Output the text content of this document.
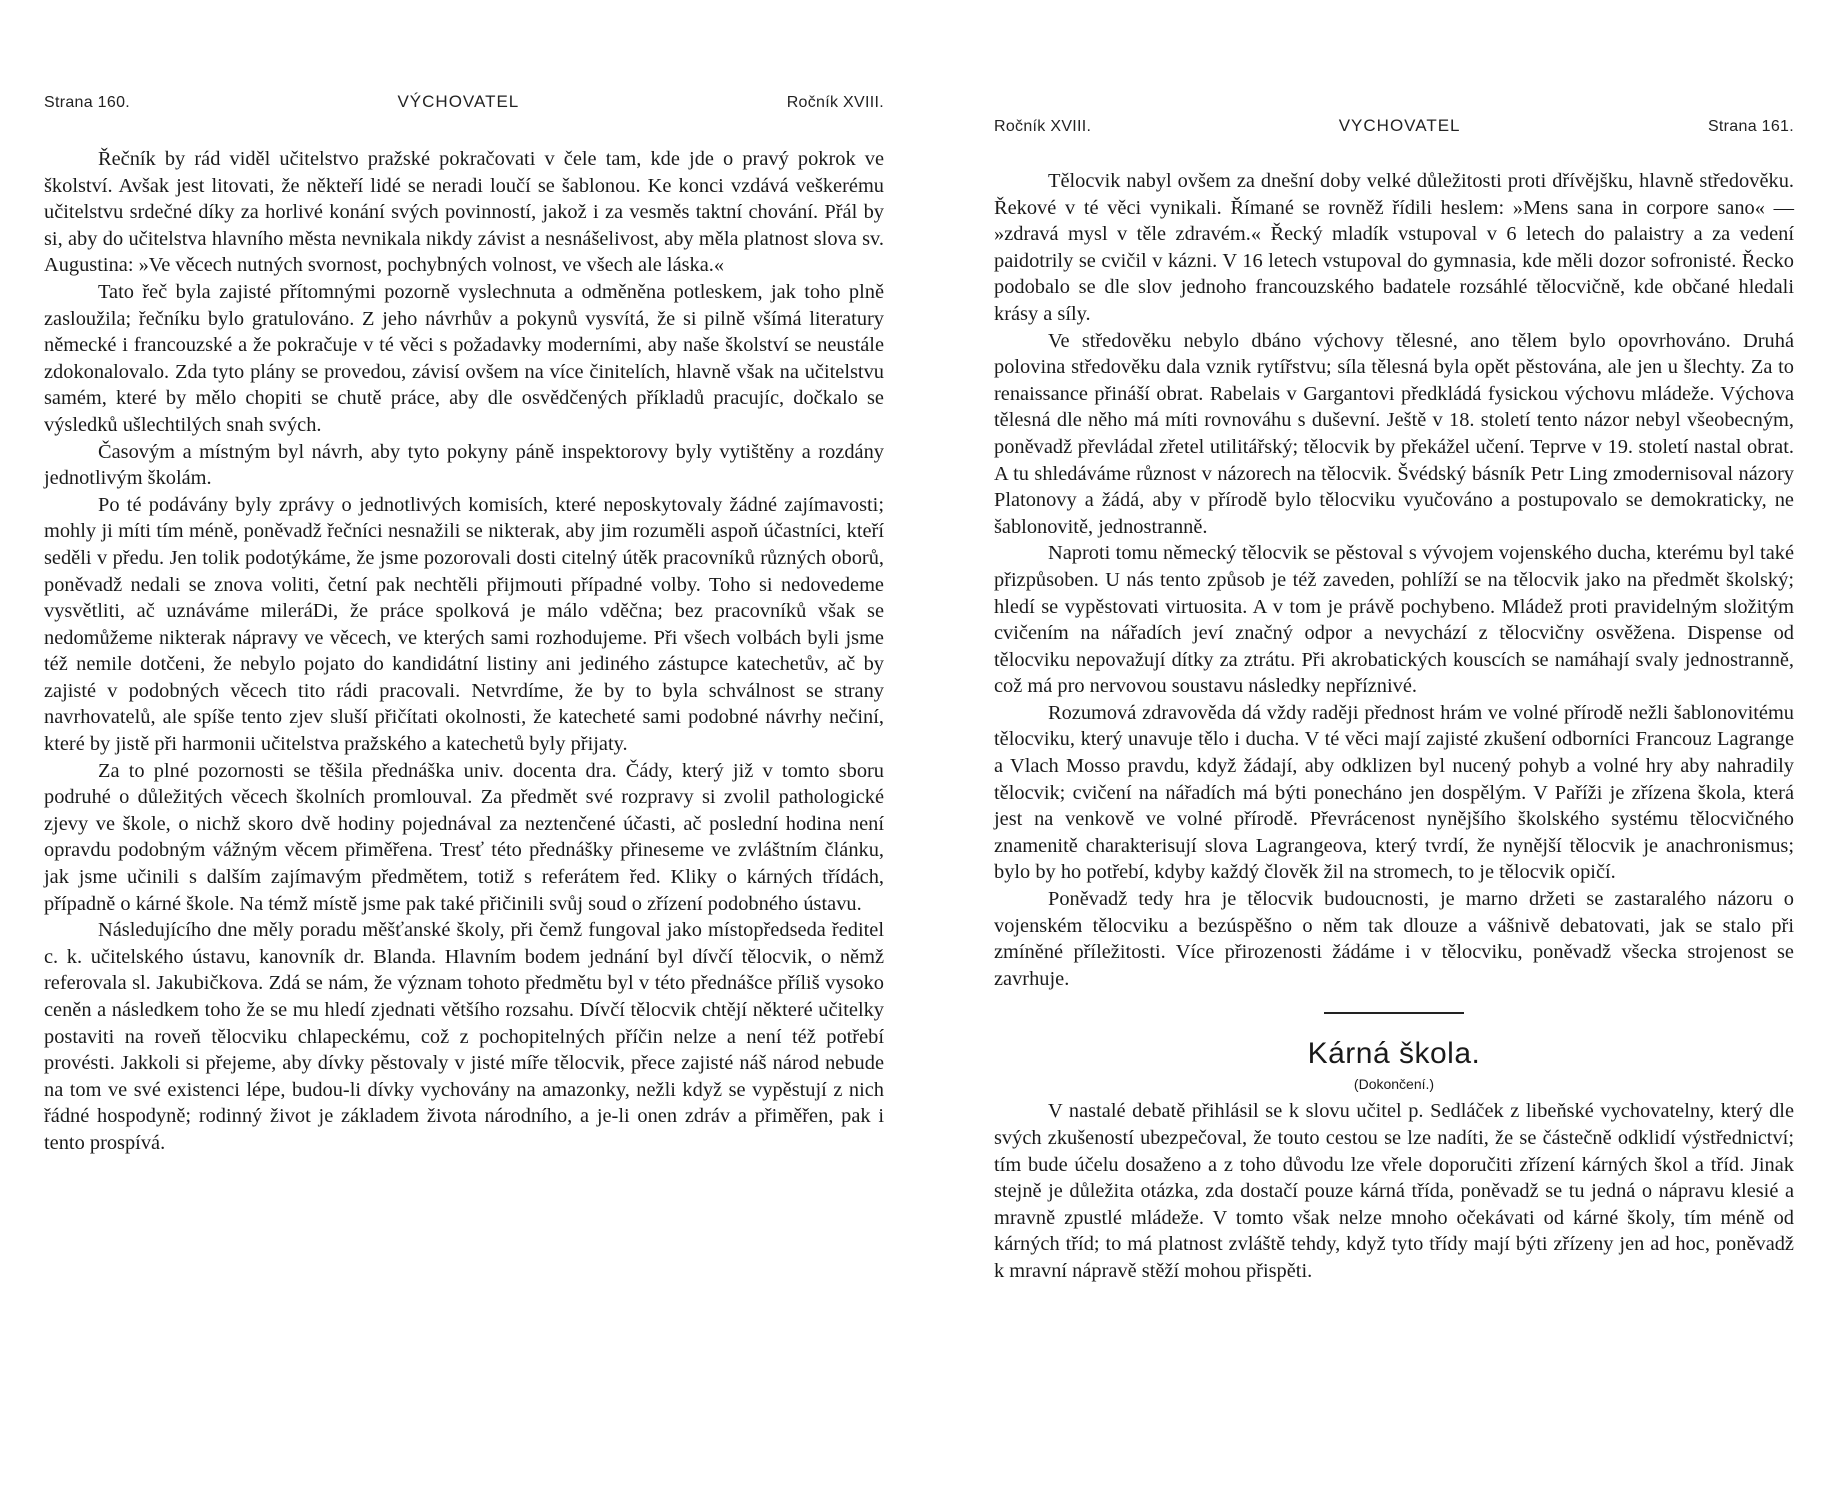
Strana 160.	VÝCHOVATEL	Ročník XVIII.

Řečník by rád viděl učitelstvo pražské pokračovati v čele tam, kde jde o pravý pokrok ve školství. Avšak jest litovati, že někteří lidé se neradi loučí se šablonou. Ke konci vzdává veškerému učitelstvu srdečné díky za horlivé konání svých povinností, jakož i za vesměs taktní chování. Přál by si, aby do učitelstva hlavního města nevnikala nikdy závist a nesnášelivost, aby měla platnost slova sv. Augustina: »Ve věcech nutných svornost, pochybných volnost, ve všech ale láska.«

Tato řeč byla zajisté přítomnými pozorně vyslechnuta a odměněna potleskem, jak toho plně zasloužila; řečníku bylo gratulováno. Z jeho návrhův a pokynů vysvítá, že si pilně všímá literatury německé i francouzské a že pokračuje v té věci s požadavky moderními, aby naše školství se neustále zdokonalovalo. Zda tyto plány se provedou, závisí ovšem na více činitelích, hlavně však na učitelstvu samém, které by mělo chopiti se chutě práce, aby dle osvědčených příkladů pracujíc, dočkalo se výsledků ušlechtilých snah svých.

Časovým a místným byl návrh, aby tyto pokyny páně inspektorovy byly vytištěny a rozdány jednotlivým školám.

Po té podávány byly zprávy o jednotlivých komisích, které neposkytovaly žádné zajímavosti; mohly ji míti tím méně, poněvadž řečníci nesnažili se nikterak, aby jim rozuměli aspoň účastníci, kteří seděli v předu. Jen tolik podotýkáme, že jsme pozorovali dosti citelný útěk pracovníků různých oborů, poněvadž nedali se znova voliti, četní pak nechtěli přijmouti případné volby. Toho si nedovedeme vysvětliti, ač uznáváme mileráDi, že práce spolková je málo vděčna; bez pracovníků však se nedomůžeme nikterak nápravy ve věcech, ve kterých sami rozhodujeme. Při všech volbách byli jsme též nemile dotčeni, že nebylo pojato do kandidátní listiny ani jediného zástupce katechetův, ač by zajisté v podobných věcech tito rádi pracovali. Netvrdíme, že by to byla schválnost se strany navrhovatelů, ale spíše tento zjev sluší přičítati okolnosti, že katecheté sami podobné návrhy nečiní, které by jistě při harmonii učitelstva pražského a katechetů byly přijaty.

Za to plné pozornosti se těšila přednáška univ. docenta dra. Čády, který již v tomto sboru podruhé o důležitých věcech školních promlouval. Za předmět své rozpravy si zvolil pathologické zjevy ve škole, o nichž skoro dvě hodiny pojednával za neztenčené účasti, ač poslední hodina není opravdu podobným vážným věcem přiměřena. Tresť této přednášky přineseme ve zvláštním článku, jak jsme učinili s dalším zajímavým předmětem, totiž s referátem řed. Kliky o kárných třídách, případně o kárné škole. Na témž místě jsme pak také přičinili svůj soud o zřízení podobného ústavu.

Následujícího dne měly poradu měšťanské školy, při čemž fungoval jako místopředseda ředitel c. k. učitelského ústavu, kanovník dr. Blanda. Hlavním bodem jednání byl dívčí tělocvik, o němž referovala sl. Jakubičkova. Zdá se nám, že význam tohoto předmětu byl v této přednášce příliš vysoko ceněn a následkem toho že se mu hledí zjednati většího rozsahu. Dívčí tělocvik chtějí některé učitelky postaviti na roveň tělocviku chlapeckému, což z pochopitelných příčin nelze a není též potřebí provésti. Jakkoli si přejeme, aby dívky pěstovaly v jisté míře tělocvik, přece zajisté náš národ nebude na tom ve své existenci lépe, budou-li dívky vychovány na amazonky, nežli když se vypěstují z nich řádné hospodyně; rodinný život je základem života národního, a je-li onen zdráv a přiměřen, pak i tento prospívá.

Ročník XVIII.	VYCHOVATEL	Strana 161.

Tělocvik nabyl ovšem za dnešní doby velké důležitosti proti dřívějšku, hlavně středověku. Řekové v té věci vynikali. Římané se rovněž řídili heslem: »Mens sana in corpore sano« — »zdravá mysl v těle zdravém.« Řecký mladík vstupoval v 6 letech do palaistry a za vedení paidotrily se cvičil v kázni. V 16 letech vstupoval do gymnasia, kde měli dozor sofronisté. Řecko podobalo se dle slov jednoho francouzského badatele rozsáhlé tělocvičně, kde občané hledali krásy a síly.

Ve středověku nebylo dbáno výchovy tělesné, ano tělem bylo opovrhováno. Druhá polovina středověku dala vznik rytířstvu; síla tělesná byla opět pěstována, ale jen u šlechty. Za to renaissance přináší obrat. Rabelais v Gargantovi předkládá fysickou výchovu mládeže. Výchova tělesná dle něho má míti rovnováhu s duševní. Ještě v 18. století tento názor nebyl všeobecným, poněvadž převládal zřetel utilitářský; tělocvik by překážel učení. Teprve v 19. století nastal obrat. A tu shledáváme různost v názorech na tělocvik. Švédský básník Petr Ling zmodernisoval názory Platonovy a žádá, aby v přírodě bylo tělocviku vyučováno a postupovalo se demokraticky, ne šablonovitě, jednostranně.

Naproti tomu německý tělocvik se pěstoval s vývojem vojenského ducha, kterému byl také přizpůsoben. U nás tento způsob je též zaveden, pohlíží se na tělocvik jako na předmět školský; hledí se vypěstovati virtuosita. A v tom je právě pochybeno. Mládež proti pravidelným složitým cvičením na nářadích jeví značný odpor a nevychází z tělocvičny osvěžena. Dispense od tělocviku nepovažují dítky za ztrátu. Při akrobatických kouscích se namáhají svaly jednostranně, což má pro nervovou soustavu následky nepříznivé.

Rozumová zdravověda dá vždy raději přednost hrám ve volné přírodě nežli šablonovitému tělocviku, který unavuje tělo i ducha. V té věci mají zajisté zkušení odborníci Francouz Lagrange a Vlach Mosso pravdu, když žádají, aby odklizen byl nucený pohyb a volné hry aby nahradily tělocvik; cvičení na nářadích má býti ponecháno jen dospělým. V Paříži je zřízena škola, která jest na venkově ve volné přírodě. Převrácenost nynějšího školského systému tělocvičného znamenitě charakterisují slova Lagrangeova, který tvrdí, že nynější tělocvik je anachronismus; bylo by ho potřebí, kdyby každý člověk žil na stromech, to je tělocvik opičí.

Poněvadž tedy hra je tělocvik budoucnosti, je marno držeti se zastaralého názoru o vojenském tělocviku a bezúspěšno o něm tak dlouze a vášnivě debatovati, jak se stalo při zmíněné příležitosti. Více přirozenosti žádáme i v tělocviku, poněvadž všecka strojenost se zavrhuje.

Kárná škola.
(Dokončení.)

V nastalé debatě přihlásil se k slovu učitel p. Sedláček z libeňské vychovatelny, který dle svých zkušeností ubezpečoval, že touto cestou se lze nadíti, že se částečně odklidí výstřednictví; tím bude účelu dosaženo a z toho důvodu lze vřele doporučiti zřízení kárných škol a tříd. Jinak stejně je důležita otázka, zda dostačí pouze kárná třída, poněvadž se tu jedná o nápravu klesié a mravně zpustlé mládeže. V tomto však nelze mnoho očekávati od kárné školy, tím méně od kárných tříd; to má platnost zvláště tehdy, když tyto třídy mají býti zřízeny jen ad hoc, poněvadž k mravní nápravě stěží mohou přispěti.
